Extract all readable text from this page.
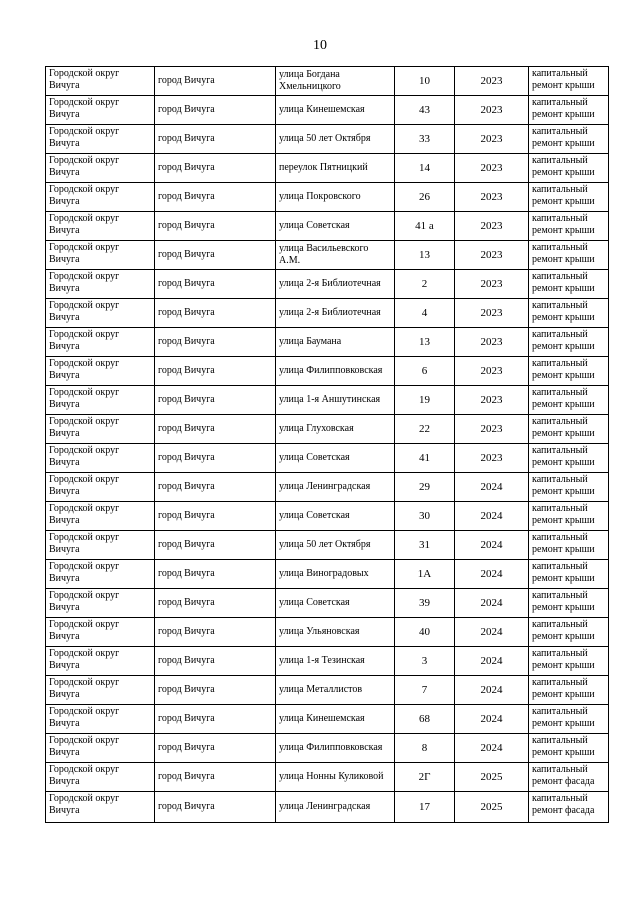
10
Городской округ Вичуга	город Вичуга	улица Богдана Хмельницкого	10	2023	капитальный ремонт крыши
Городской округ Вичуга	город Вичуга	улица Кинешемская	43	2023	капитальный ремонт крыши
Городской округ Вичуга	город Вичуга	улица 50 лет Октября	33	2023	капитальный ремонт крыши
Городской округ Вичуга	город Вичуга	переулок Пятницкий	14	2023	капитальный ремонт крыши
Городской округ Вичуга	город Вичуга	улица Покровского	26	2023	капитальный ремонт крыши
Городской округ Вичуга	город Вичуга	улица Советская	41 а	2023	капитальный ремонт крыши
Городской округ Вичуга	город Вичуга	улица Васильевского А.М.	13	2023	капитальный ремонт крыши
Городской округ Вичуга	город Вичуга	улица 2-я Библиотечная	2	2023	капитальный ремонт крыши
Городской округ Вичуга	город Вичуга	улица 2-я Библиотечная	4	2023	капитальный ремонт крыши
Городской округ Вичуга	город Вичуга	улица Баумана	13	2023	капитальный ремонт крыши
Городской округ Вичуга	город Вичуга	улица Филипповковская	6	2023	капитальный ремонт крыши
Городской округ Вичуга	город Вичуга	улица 1-я Аншутинская	19	2023	капитальный ремонт крыши
Городской округ Вичуга	город Вичуга	улица Глуховская	22	2023	капитальный ремонт крыши
Городской округ Вичуга	город Вичуга	улица Советская	41	2023	капитальный ремонт крыши
Городской округ Вичуга	город Вичуга	улица Ленинградская	29	2024	капитальный ремонт крыши
Городской округ Вичуга	город Вичуга	улица Советская	30	2024	капитальный ремонт крыши
Городской округ Вичуга	город Вичуга	улица 50 лет Октября	31	2024	капитальный ремонт крыши
Городской округ Вичуга	город Вичуга	улица Виноградовых	1А	2024	капитальный ремонт крыши
Городской округ Вичуга	город Вичуга	улица Советская	39	2024	капитальный ремонт крыши
Городской округ Вичуга	город Вичуга	улица Ульяновская	40	2024	капитальный ремонт крыши
Городской округ Вичуга	город Вичуга	улица 1-я Тезинская	3	2024	капитальный ремонт крыши
Городской округ Вичуга	город Вичуга	улица Металлистов	7	2024	капитальный ремонт крыши
Городской округ Вичуга	город Вичуга	улица Кинешемская	68	2024	капитальный ремонт крыши
Городской округ Вичуга	город Вичуга	улица Филипповковская	8	2024	капитальный ремонт крыши
Городской округ Вичуга	город Вичуга	улица Нонны Куликовой	2Г	2025	капитальный ремонт фасада
Городской округ Вичуга	город Вичуга	улица Ленинградская	17	2025	капитальный ремонт фасада
